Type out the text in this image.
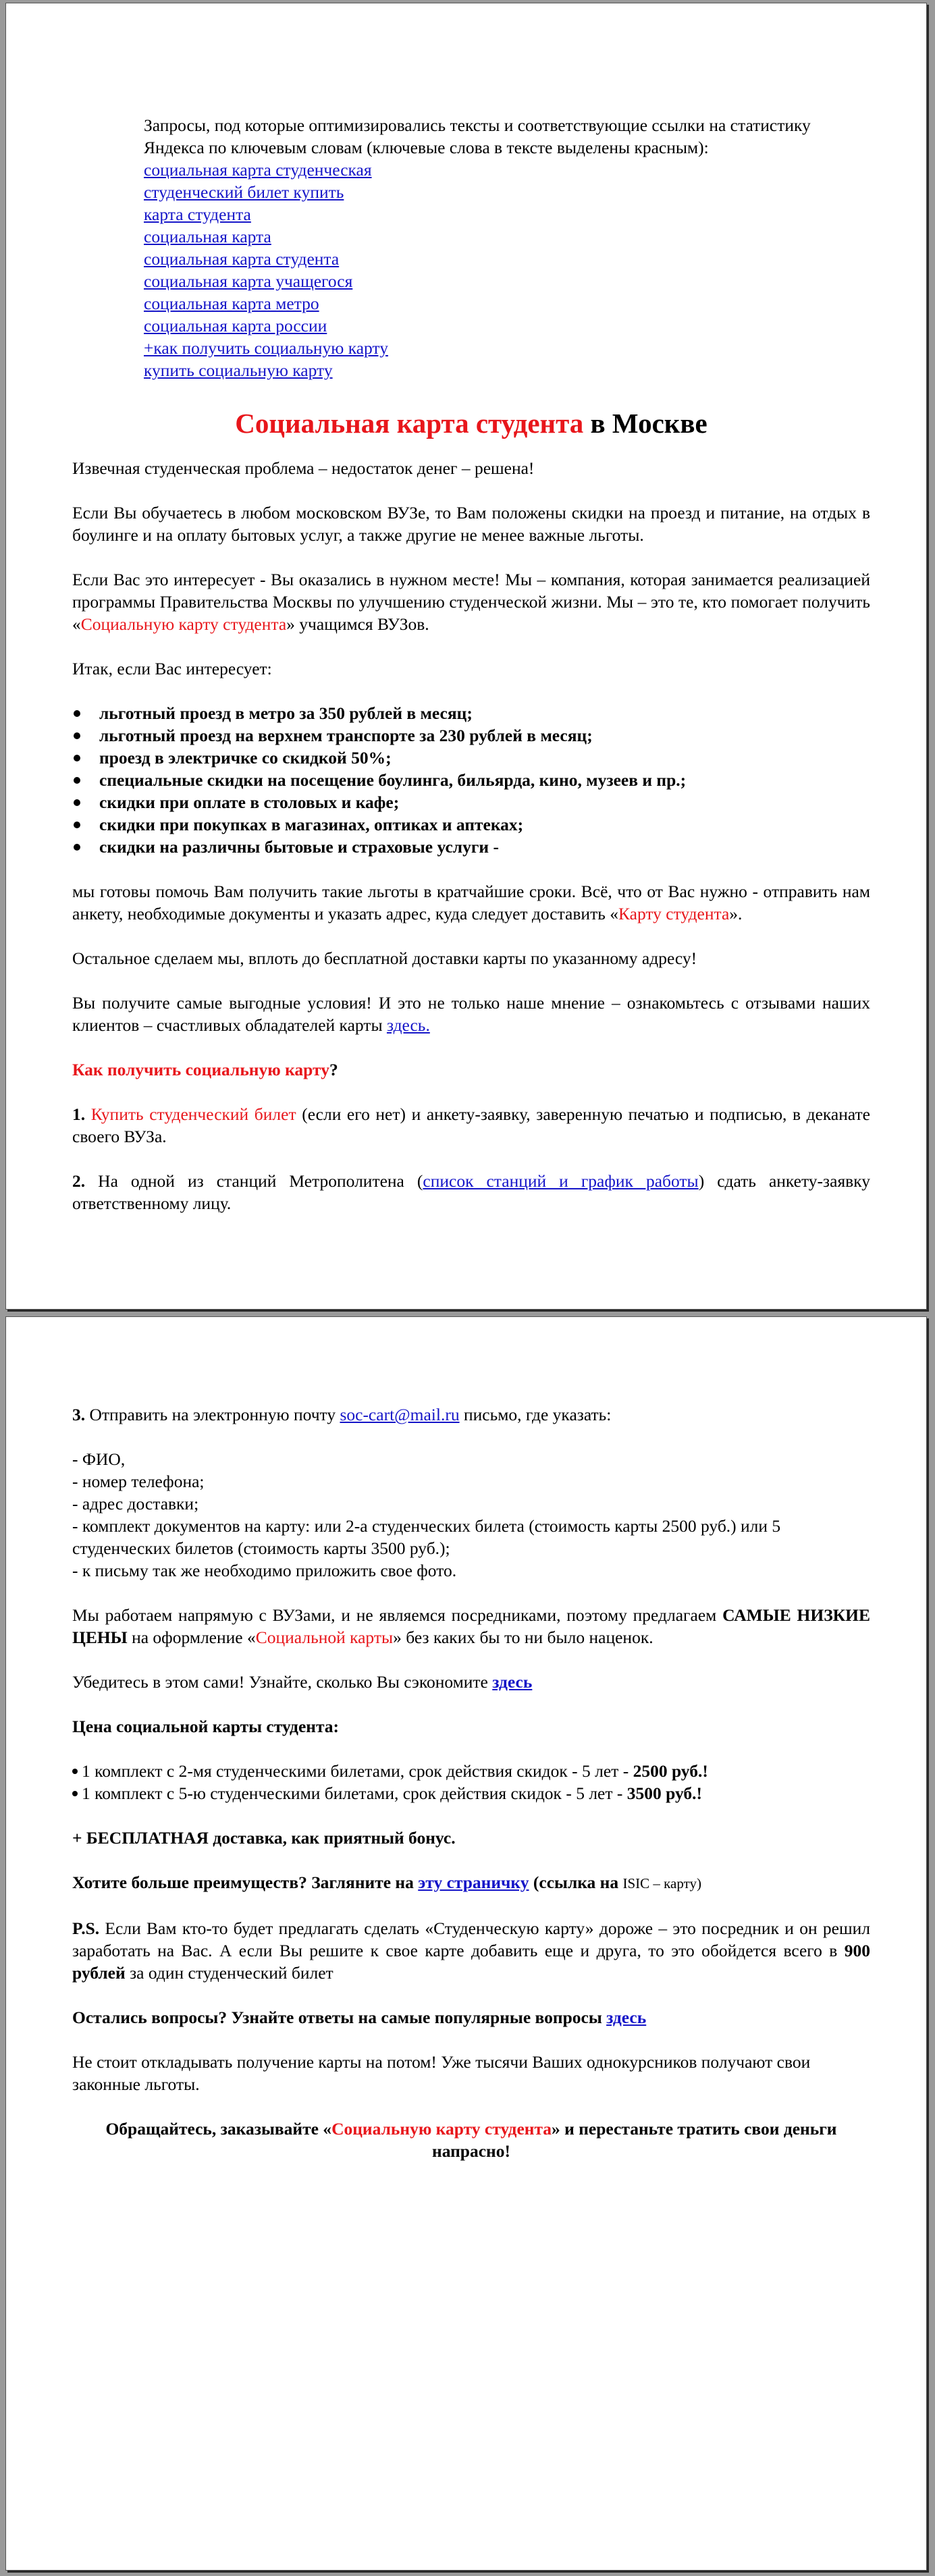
Запросы, под которые оптимизировались тексты и соответствующие ссылки на статистику

Яндекса по ключевым словам (ключевые слова в тексте выделены красным):

социальная карта студенческая

студенческий билет купить

карта студента

социальная карта

социальная карта студента

социальная карта учащегося

социальная карта метро

социальная карта россии

+как получить социальную карту

купить социальную карту

Социальная карта студента в Москве

Извечная студенческая проблема – недостаток денег – решена!

Если Вы обучаетесь в любом московском ВУЗе, то Вам положены скидки на проезд и питание, на отдых в боулинге и на оплату бытовых услуг, а также другие не менее важные льготы.

Если Вас это интересует - Вы оказались в нужном месте! Мы – компания, которая занимается реализацией программы Правительства Москвы по улучшению студенческой жизни. Мы – это те, кто помогает получить «Социальную карту студента» учащимся ВУЗов.

Итак, если Вас интересует:

льготный проезд в метро за 350 рублей в месяц;
льготный проезд на верхнем транспорте за 230 рублей в месяц;
проезд в электричке со скидкой 50%;
специальные скидки на посещение боулинга, бильярда, кино, музеев и пр.;
скидки при оплате в столовых и кафе;
скидки при покупках в магазинах, оптиках и аптеках;
скидки на различны бытовые и страховые услуги -

мы готовы помочь Вам получить такие льготы в кратчайшие сроки. Всё, что от Вас нужно - отправить нам анкету, необходимые документы и указать адрес, куда следует доставить «Карту студента».

Остальное сделаем мы, вплоть до бесплатной доставки карты по указанному адресу!

Вы получите самые выгодные условия! И это не только наше мнение – ознакомьтесь с отзывами наших клиентов – счастливых обладателей карты здесь.

Как получить социальную карту?

1. Купить студенческий билет (если его нет) и анкету-заявку, заверенную печатью и подписью, в деканате своего ВУЗа.

2. На одной из станций Метрополитена (список станций и график работы) сдать анкету-заявку ответственному лицу.

3. Отправить на электронную почту soc-cart@mail.ru письмо, где указать:

- ФИО,

- номер телефона;

- адрес доставки;

- комплект документов на карту: или 2-а студенческих билета (стоимость карты 2500 руб.) или 5 студенческих билетов (стоимость карты 3500 руб.);

- к письму так же необходимо приложить свое фото.

Мы работаем напрямую с ВУЗами, и не являемся посредниками, поэтому предлагаем САМЫЕ НИЗКИЕ ЦЕНЫ на оформление «Социальной карты» без каких бы то ни было наценок.

Убедитесь в этом сами! Узнайте, сколько Вы сэкономите здесь

Цена социальной карты студента:

1 комплект с 2-мя студенческими билетами, срок действия скидок - 5 лет - 2500 руб.!
1 комплект с 5-ю студенческими билетами, срок действия скидок - 5 лет - 3500 руб.!

+ БЕСПЛАТНАЯ доставка, как приятный бонус.

Хотите больше преимуществ? Загляните на эту страничку (ссылка на ISIC – карту)

P.S. Если Вам кто-то будет предлагать сделать «Студенческую карту» дороже – это посредник и он решил заработать на Вас. А если Вы решите к свое карте добавить еще и друга, то это обойдется всего в 900 рублей за один студенческий билет

Остались вопросы? Узнайте ответы на самые популярные вопросы здесь

Не стоит откладывать получение карты на потом! Уже тысячи Ваших однокурсников получают свои законные льготы.

Обращайтесь, заказывайте «Социальную карту студента» и перестаньте тратить свои деньги напрасно!
